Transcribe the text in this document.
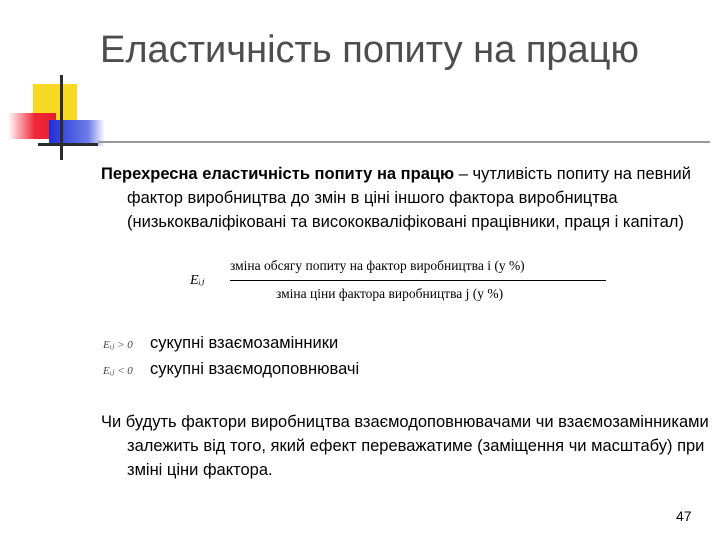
Еластичність попиту на працю
Перехресна еластичність попиту на працю – чутливість попиту на певний фактор виробництва до змін в ціні іншого фактора виробництва (низькокваліфіковані та висококваліфіковані працівники, праця і капітал)
Eᵢⱼ
зміна обсягу попиту на фактор виробництва i (у %)
зміна ціни фактора виробництва j (у %)
Eᵢⱼ > 0 сукупні взаємозамінники
Eᵢⱼ < 0 сукупні взаємодоповнювачі
Чи будуть фактори виробництва взаємодоповнювачами чи взаємозамінниками залежить від того, який ефект переважатиме (заміщення чи масштабу) при зміні ціни фактора.
47
